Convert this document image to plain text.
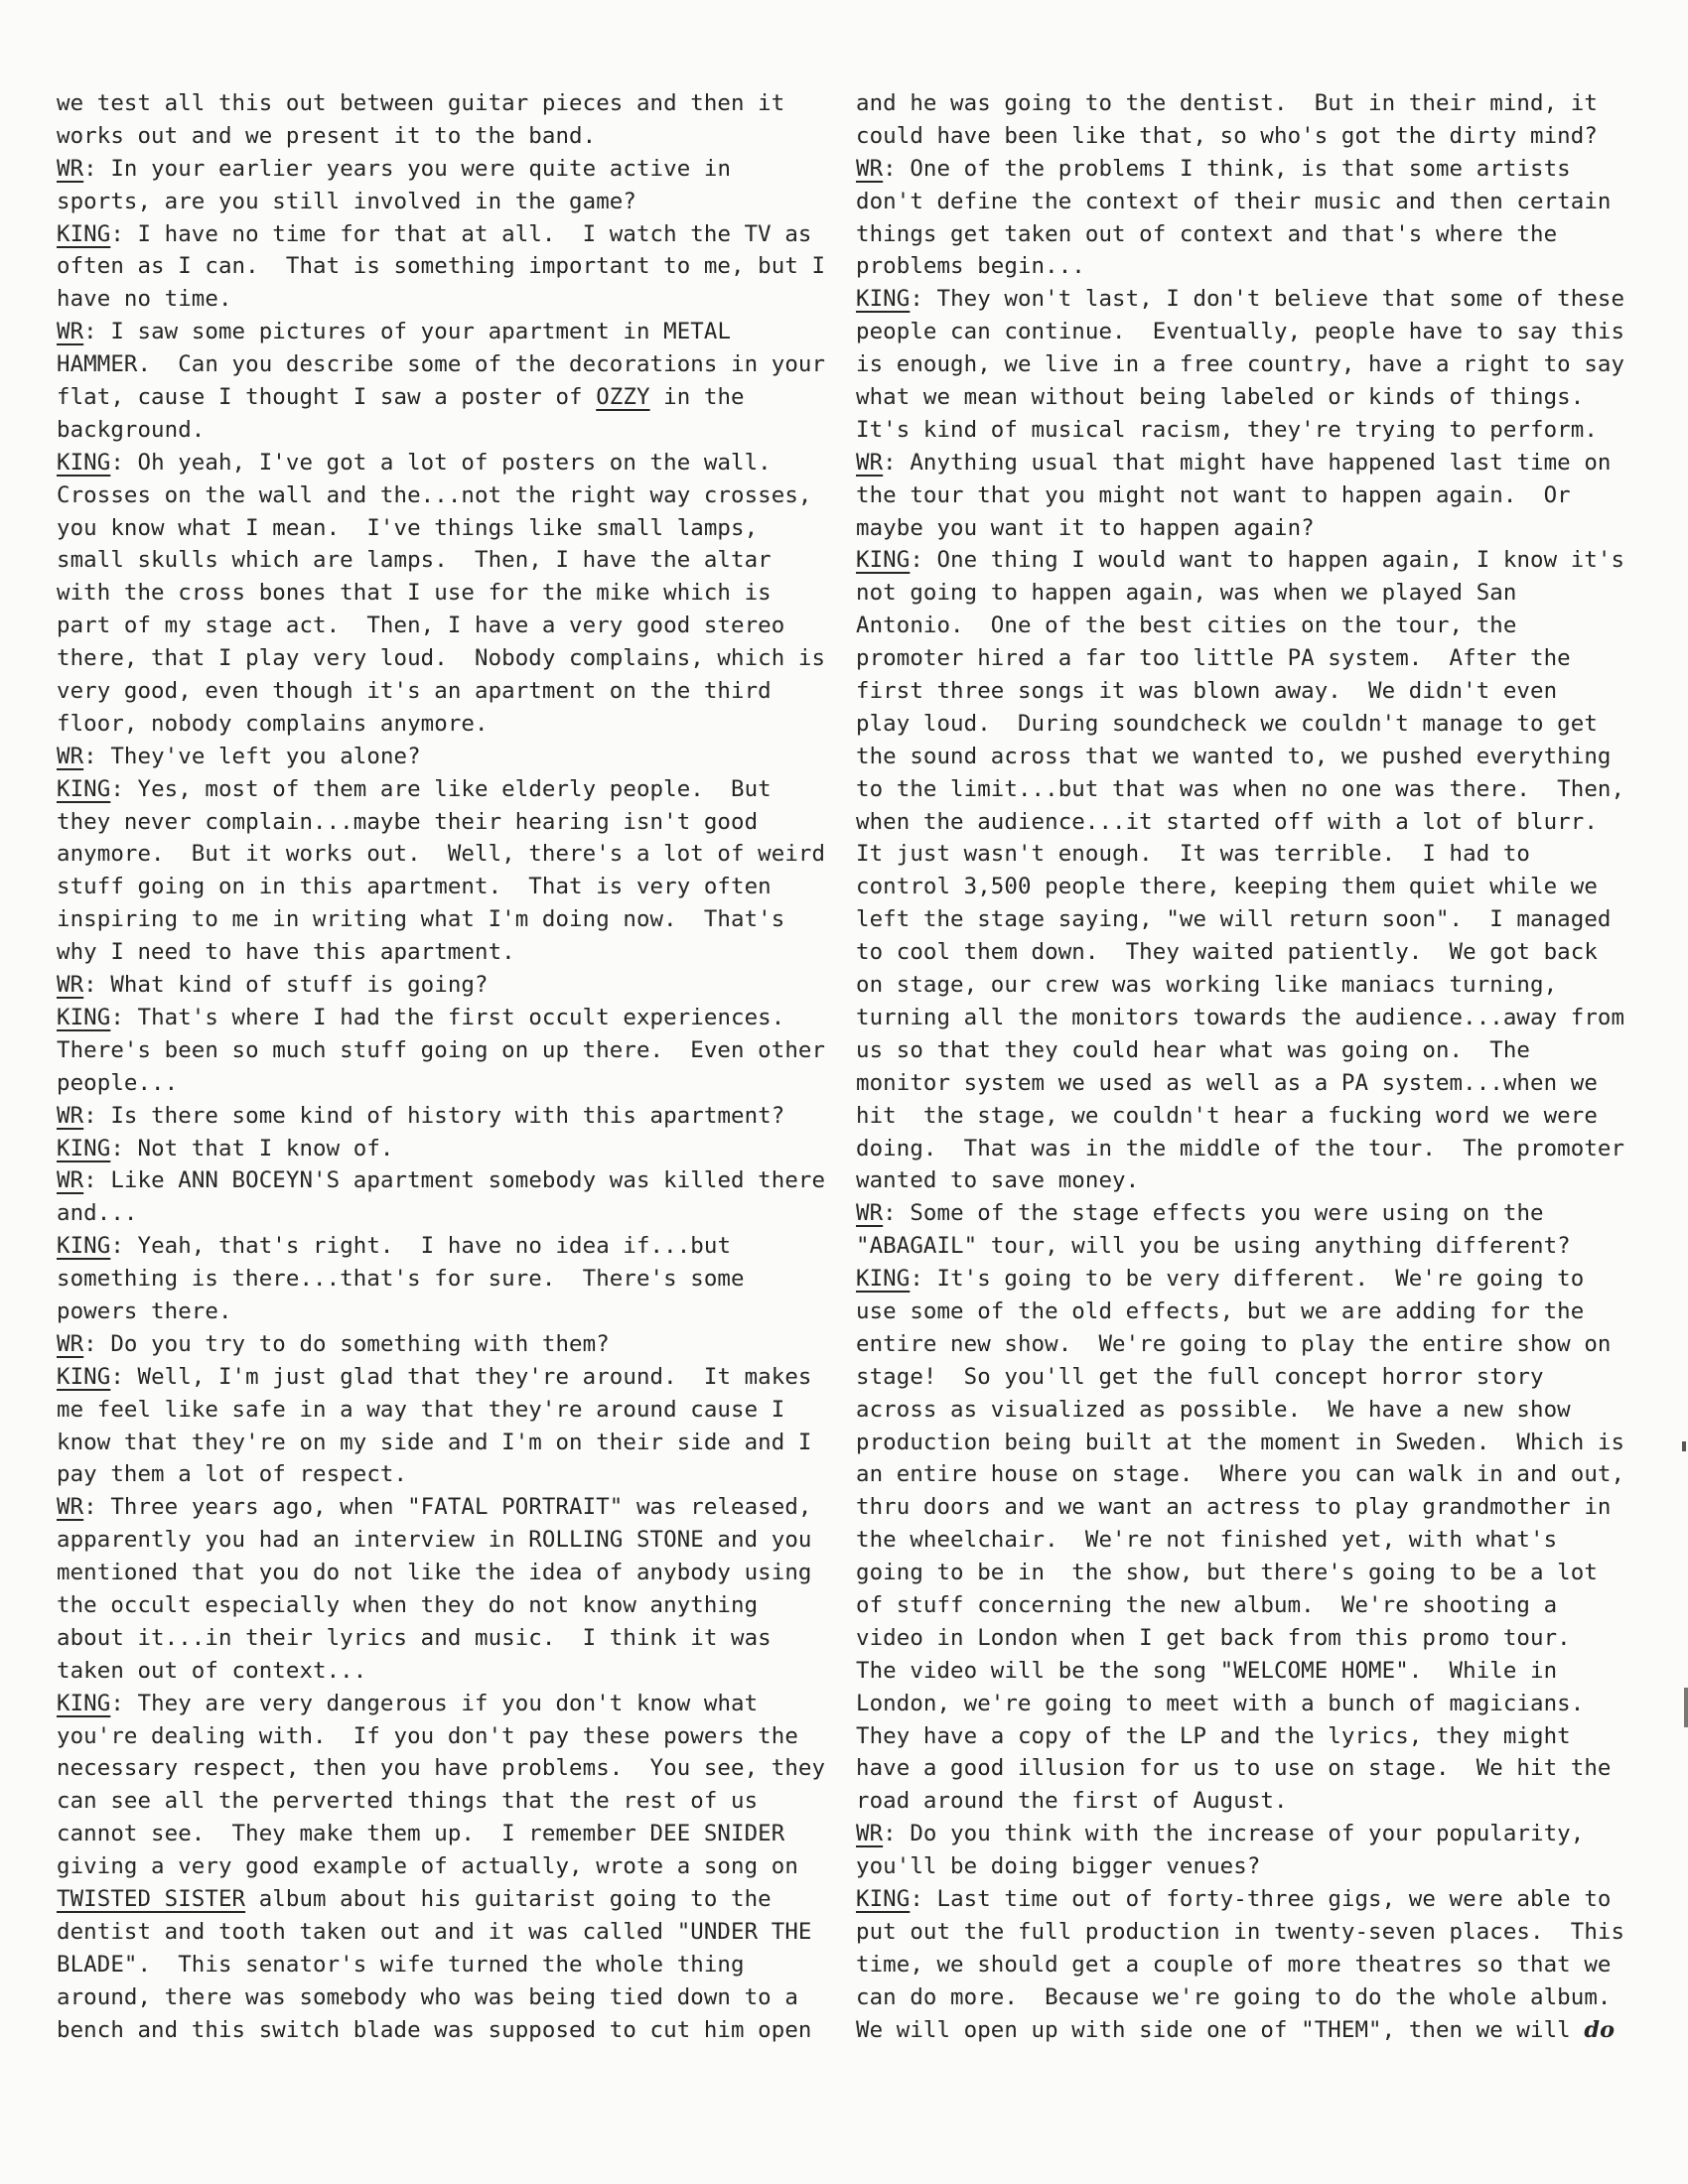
we test all this out between guitar pieces and then it
works out and we present it to the band.
WR: In your earlier years you were quite active in
sports, are you still involved in the game?
KING: I have no time for that at all.  I watch the TV as
often as I can.  That is something important to me, but I
have no time.
WR: I saw some pictures of your apartment in METAL
HAMMER.  Can you describe some of the decorations in your
flat, cause I thought I saw a poster of OZZY in the
background.
KING: Oh yeah, I've got a lot of posters on the wall.
Crosses on the wall and the...not the right way crosses,
you know what I mean.  I've things like small lamps,
small skulls which are lamps.  Then, I have the altar
with the cross bones that I use for the mike which is
part of my stage act.  Then, I have a very good stereo
there, that I play very loud.  Nobody complains, which is
very good, even though it's an apartment on the third
floor, nobody complains anymore.
WR: They've left you alone?
KING: Yes, most of them are like elderly people.  But
they never complain...maybe their hearing isn't good
anymore.  But it works out.  Well, there's a lot of weird
stuff going on in this apartment.  That is very often
inspiring to me in writing what I'm doing now.  That's
why I need to have this apartment.
WR: What kind of stuff is going?
KING: That's where I had the first occult experiences.
There's been so much stuff going on up there.  Even other
people...
WR: Is there some kind of history with this apartment?
KING: Not that I know of.
WR: Like ANN BOCEYN'S apartment somebody was killed there
and...
KING: Yeah, that's right.  I have no idea if...but
something is there...that's for sure.  There's some
powers there.
WR: Do you try to do something with them?
KING: Well, I'm just glad that they're around.  It makes
me feel like safe in a way that they're around cause I
know that they're on my side and I'm on their side and I
pay them a lot of respect.
WR: Three years ago, when "FATAL PORTRAIT" was released,
apparently you had an interview in ROLLING STONE and you
mentioned that you do not like the idea of anybody using
the occult especially when they do not know anything
about it...in their lyrics and music.  I think it was
taken out of context...
KING: They are very dangerous if you don't know what
you're dealing with.  If you don't pay these powers the
necessary respect, then you have problems.  You see, they
can see all the perverted things that the rest of us
cannot see.  They make them up.  I remember DEE SNIDER
giving a very good example of actually, wrote a song on
TWISTED SISTER album about his guitarist going to the
dentist and tooth taken out and it was called "UNDER THE
BLADE".  This senator's wife turned the whole thing
around, there was somebody who was being tied down to a
bench and this switch blade was supposed to cut him open
and he was going to the dentist.  But in their mind, it
could have been like that, so who's got the dirty mind?
WR: One of the problems I think, is that some artists
don't define the context of their music and then certain
things get taken out of context and that's where the
problems begin...
KING: They won't last, I don't believe that some of these
people can continue.  Eventually, people have to say this
is enough, we live in a free country, have a right to say
what we mean without being labeled or kinds of things.
It's kind of musical racism, they're trying to perform.
WR: Anything usual that might have happened last time on
the tour that you might not want to happen again.  Or
maybe you want it to happen again?
KING: One thing I would want to happen again, I know it's
not going to happen again, was when we played San
Antonio.  One of the best cities on the tour, the
promoter hired a far too little PA system.  After the
first three songs it was blown away.  We didn't even
play loud.  During soundcheck we couldn't manage to get
the sound across that we wanted to, we pushed everything
to the limit...but that was when no one was there.  Then,
when the audience...it started off with a lot of blurr.
It just wasn't enough.  It was terrible.  I had to
control 3,500 people there, keeping them quiet while we
left the stage saying, "we will return soon".  I managed
to cool them down.  They waited patiently.  We got back
on stage, our crew was working like maniacs turning,
turning all the monitors towards the audience...away from
us so that they could hear what was going on.  The
monitor system we used as well as a PA system...when we
hit  the stage, we couldn't hear a fucking word we were
doing.  That was in the middle of the tour.  The promoter
wanted to save money.
WR: Some of the stage effects you were using on the
"ABAGAIL" tour, will you be using anything different?
KING: It's going to be very different.  We're going to
use some of the old effects, but we are adding for the
entire new show.  We're going to play the entire show on
stage!  So you'll get the full concept horror story
across as visualized as possible.  We have a new show
production being built at the moment in Sweden.  Which is
an entire house on stage.  Where you can walk in and out,
thru doors and we want an actress to play grandmother in
the wheelchair.  We're not finished yet, with what's
going to be in  the show, but there's going to be a lot
of stuff concerning the new album.  We're shooting a
video in London when I get back from this promo tour.
The video will be the song "WELCOME HOME".  While in
London, we're going to meet with a bunch of magicians.
They have a copy of the LP and the lyrics, they might
have a good illusion for us to use on stage.  We hit the
road around the first of August.
WR: Do you think with the increase of your popularity,
you'll be doing bigger venues?
KING: Last time out of forty-three gigs, we were able to
put out the full production in twenty-seven places.  This
time, we should get a couple of more theatres so that we
can do more.  Because we're going to do the whole album.
We will open up with side one of "THEM", then we will do
